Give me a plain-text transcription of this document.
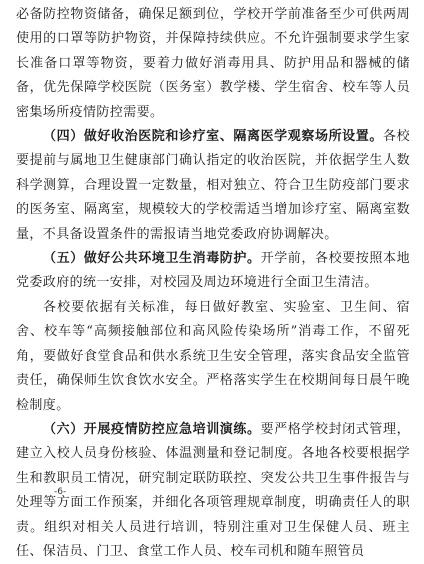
必备防控物资储备，确保足额到位，学校开学前准备至少可供两周使用的口罩等防护物资，并保障持续供应。不允许强制要求学生家长准备口罩等物资，要着力做好消毒用具、防护用品和器械的储备，优先保障学校医院（医务室）教学楼、学生宿舍、校车等人员密集场所疫情防控需要。

（四）做好收治医院和诊疗室、隔离医学观察场所设置。各校要提前与属地卫生健康部门确认指定的收治医院，并依据学生人数科学测算，合理设置一定数量，相对独立、符合卫生防疫部门要求的医务室、隔离室，规模较大的学校需适当增加诊疗室、隔离室数量，不具备设置条件的需报请当地党委政府协调解决。

（五）做好公共环境卫生消毒防护。开学前，各校要按照本地党委政府的统一安排，对校园及周边环境进行全面卫生清洁。

各校要依据有关标准，每日做好教室、实验室、卫生间、宿舍、校车等“高频接触部位和高风险传染场所”消毒工作，不留死角，要做好食堂食品和供水系统卫生安全管理，落实食品安全监管责任，确保师生饮食饮水安全。严格落实学生在校期间每日晨午晚检制度。

（六）开展疫情防控应急培训演练。要严格学校封闭式管理，建立入校人员身份核验、体温测量和登记制度。各地各校要根据学生和教职员工情况，研究制定联防联控、突发公共卫生事件报告与处理等方面工作预案，并细化各项管理规章制度，明确责任人的职责。组织对相关人员进行培训，特别注重对卫生保健人员、班主任、保洁员、门卫、食堂工作人员、校车司机和随车照管员

-6-
